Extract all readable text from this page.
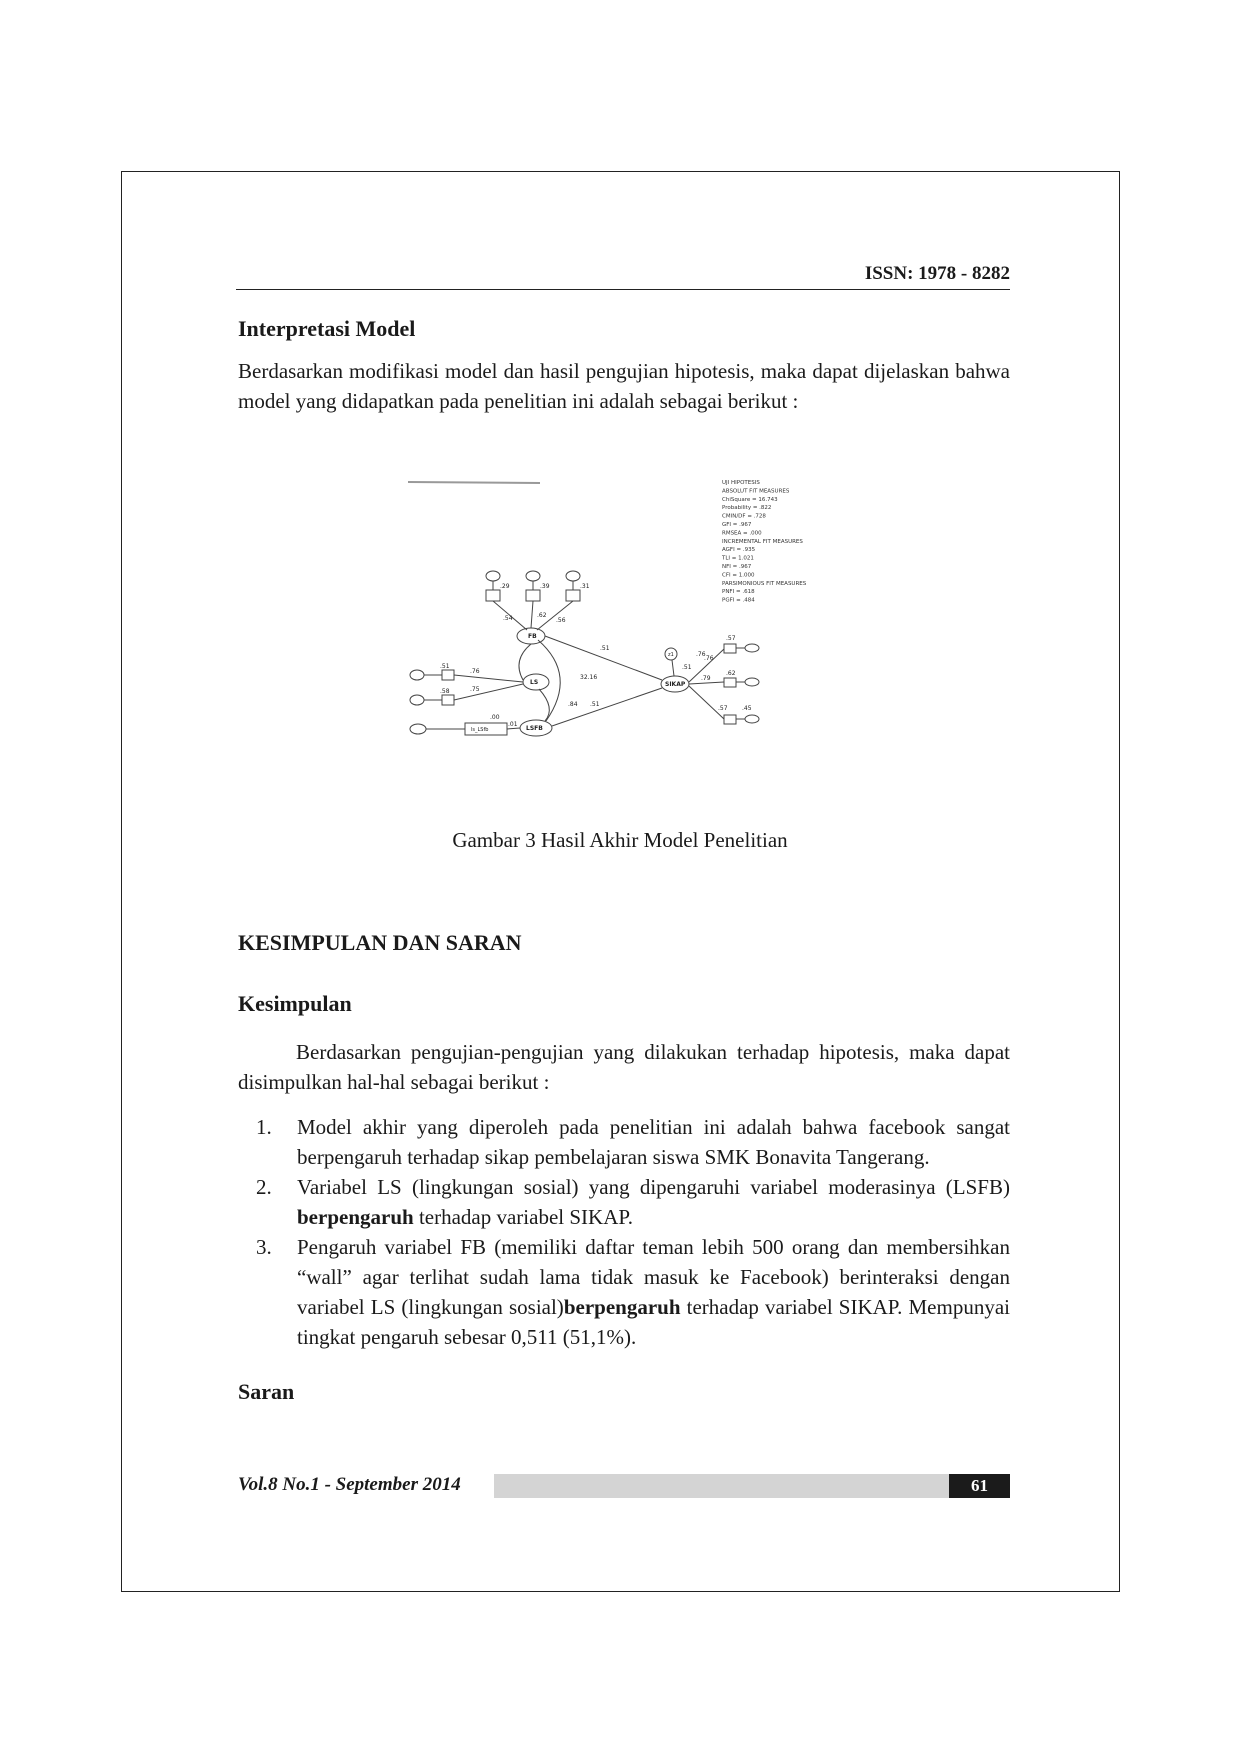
ISSN: 1978 - 8282
Interpretasi Model
Berdasarkan modifikasi model dan hasil pengujian hipotesis, maka dapat dijelaskan bahwa model yang didapatkan pada penelitian ini adalah sebagai berikut :
UJI HIPOTESIS
ABSOLUT FIT MEASURES
ChiSquare = 16.743
Probability = .822
CMIN/DF = .728
GFI = .967
RMSEA = .000
INCREMENTAL FIT MEASURES
AGFI = .935
TLI = 1.021
NFI = .967
CFI = 1.000
PARSIMONIOUS FIT MEASURES
PNFI = .618
PGFI = .484
FB
LS
LSFB
SIKAP
z1
ls_LSfb
.29	.39	.31
.54	.62
.56
.51
.58
.76
.75
.00
.01
.51
32.16
.84 .51
.51
.76
.57
.62
.57
.76
.79
.45
Gambar 3 Hasil Akhir Model Penelitian
KESIMPULAN DAN SARAN
Kesimpulan
Berdasarkan pengujian-pengujian yang dilakukan terhadap hipotesis, maka dapat disimpulkan hal-hal sebagai berikut :
1. Model akhir yang diperoleh pada penelitian ini adalah bahwa facebook sangat berpengaruh terhadap sikap pembelajaran siswa SMK Bonavita Tangerang.
2. Variabel LS (lingkungan sosial) yang dipengaruhi variabel moderasinya (LSFB) berpengaruh terhadap variabel SIKAP.
3. Pengaruh variabel FB (memiliki daftar teman lebih 500 orang dan membersihkan “wall” agar terlihat sudah lama tidak masuk ke Facebook) berinteraksi dengan variabel LS (lingkungan sosial)berpengaruh terhadap variabel SIKAP. Mempunyai tingkat pengaruh sebesar 0,511 (51,1%).
Saran
Vol.8 No.1 - September 2014	61
